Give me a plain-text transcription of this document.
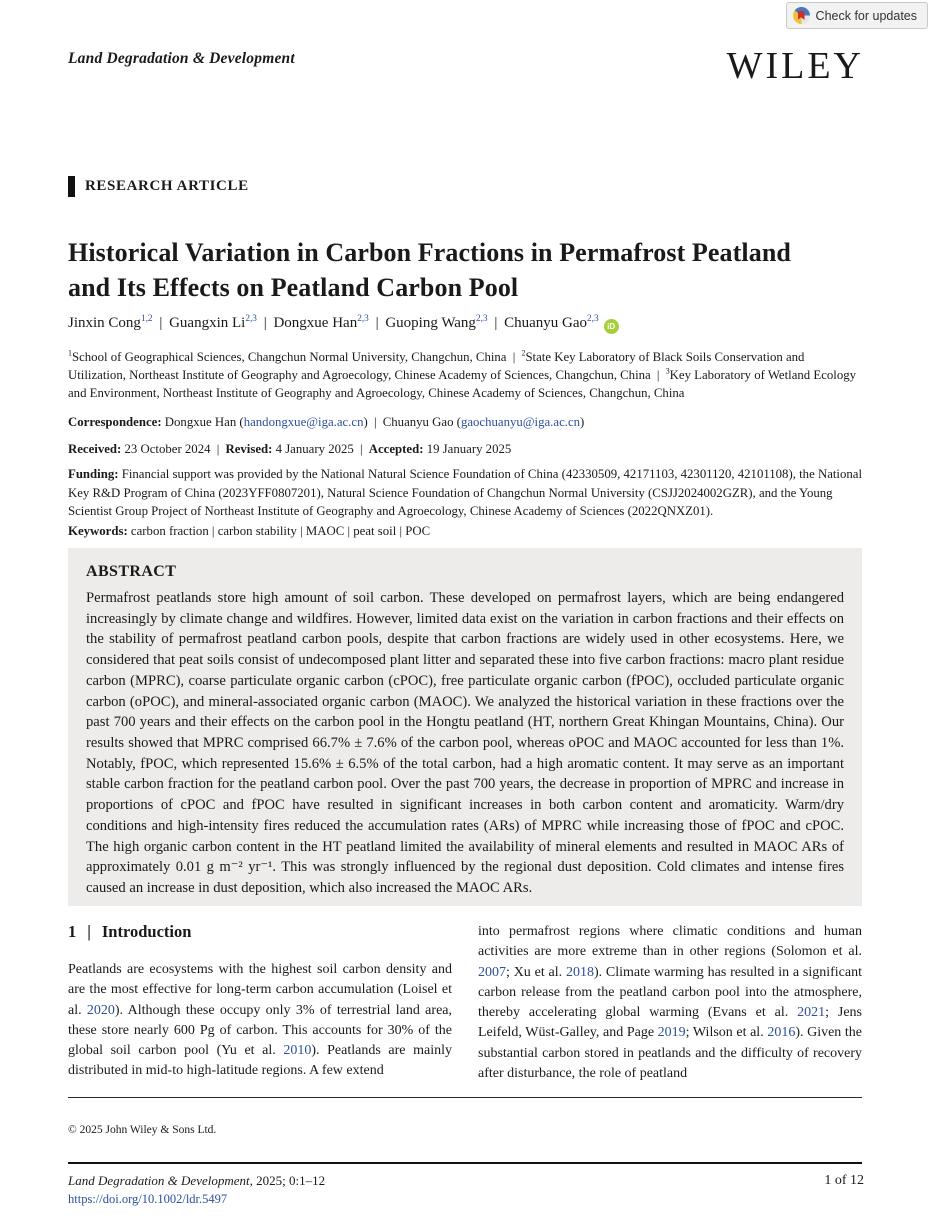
Check for updates
Land Degradation & Development	WILEY
RESEARCH ARTICLE
Historical Variation in Carbon Fractions in Permafrost Peatland and Its Effects on Peatland Carbon Pool
Jinxin Cong$^{1,2}$ | Guangxin Li$^{2,3}$ | Dongxue Han$^{2,3}$ | Guoping Wang$^{2,3}$ | Chuanyu Gao$^{2,3}$iD
$^1$School of Geographical Sciences, Changchun Normal University, Changchun, China | $^2$State Key Laboratory of Black Soils Conservation and Utilization, Northeast Institute of Geography and Agroecology, Chinese Academy of Sciences, Changchun, China | $^3$Key Laboratory of Wetland Ecology and Environment, Northeast Institute of Geography and Agroecology, Chinese Academy of Sciences, Changchun, China
Correspondence: Dongxue Han (handongxue@iga.ac.cn) | Chuanyu Gao (gaochuanyu@iga.ac.cn)
Received: 23 October 2024 | Revised: 4 January 2025 | Accepted: 19 January 2025
Funding: Financial support was provided by the National Natural Science Foundation of China (42330509, 42171103, 42301120, 42101108), the National Key R&D Program of China (2023YFF0807201), Natural Science Foundation of Changchun Normal University (CSJJ2024002GZR), and the Young Scientist Group Project of Northeast Institute of Geography and Agroecology, Chinese Academy of Sciences (2022QNXZ01).
Keywords: carbon fraction | carbon stability | MAOC | peat soil | POC
ABSTRACT

Permafrost peatlands store high amount of soil carbon. These developed on permafrost layers, which are being endangered increasingly by climate change and wildfires. However, limited data exist on the variation in carbon fractions and their effects on the stability of permafrost peatland carbon pools, despite that carbon fractions are widely used in other ecosystems. Here, we considered that peat soils consist of undecomposed plant litter and separated these into five carbon fractions: macro plant residue carbon (MPRC), coarse particulate organic carbon (cPOC), free particulate organic carbon (fPOC), occluded particulate organic carbon (oPOC), and mineral-associated organic carbon (MAOC). We analyzed the historical variation in these fractions over the past 700 years and their effects on the carbon pool in the Hongtu peatland (HT, northern Great Khingan Mountains, China). Our results showed that MPRC comprised 66.7% ± 7.6% of the carbon pool, whereas oPOC and MAOC accounted for less than 1%. Notably, fPOC, which represented 15.6% ± 6.5% of the total carbon, had a high aromatic content. It may serve as an important stable carbon fraction for the peatland carbon pool. Over the past 700 years, the decrease in proportion of MPRC and increase in proportions of cPOC and fPOC have resulted in significant increases in both carbon content and aromaticity. Warm/dry conditions and high-intensity fires reduced the accumulation rates (ARs) of MPRC while increasing those of fPOC and cPOC. The high organic carbon content in the HT peatland limited the availability of mineral elements and resulted in MAOC ARs of approximately 0.01 g m⁻² yr⁻¹. This was strongly influenced by the regional dust deposition. Cold climates and intense fires caused an increase in dust deposition, which also increased the MAOC ARs.

1 | Introduction

Peatlands are ecosystems with the highest soil carbon density and are the most effective for long-term carbon accumulation (Loisel et al. 2020). Although these occupy only 3% of terrestrial land area, these store nearly 600 Pg of carbon. This accounts for 30% of the global soil carbon pool (Yu et al. 2010). Peatlands are mainly distributed in mid-to high-latitude regions. A few extend

into permafrost regions where climatic conditions and human activities are more extreme than in other regions (Solomon et al. 2007; Xu et al. 2018). Climate warming has resulted in a significant carbon release from the peatland carbon pool into the atmosphere, thereby accelerating global warming (Evans et al. 2021; Jens Leifeld, Wüst-Galley, and Page 2019; Wilson et al. 2016). Given the substantial carbon stored in peatlands and the difficulty of recovery after disturbance, the role of peatland

© 2025 John Wiley & Sons Ltd.
Land Degradation & Development, 2025; 0:1–12
https://doi.org/10.1002/ldr.5497
1 of 12
